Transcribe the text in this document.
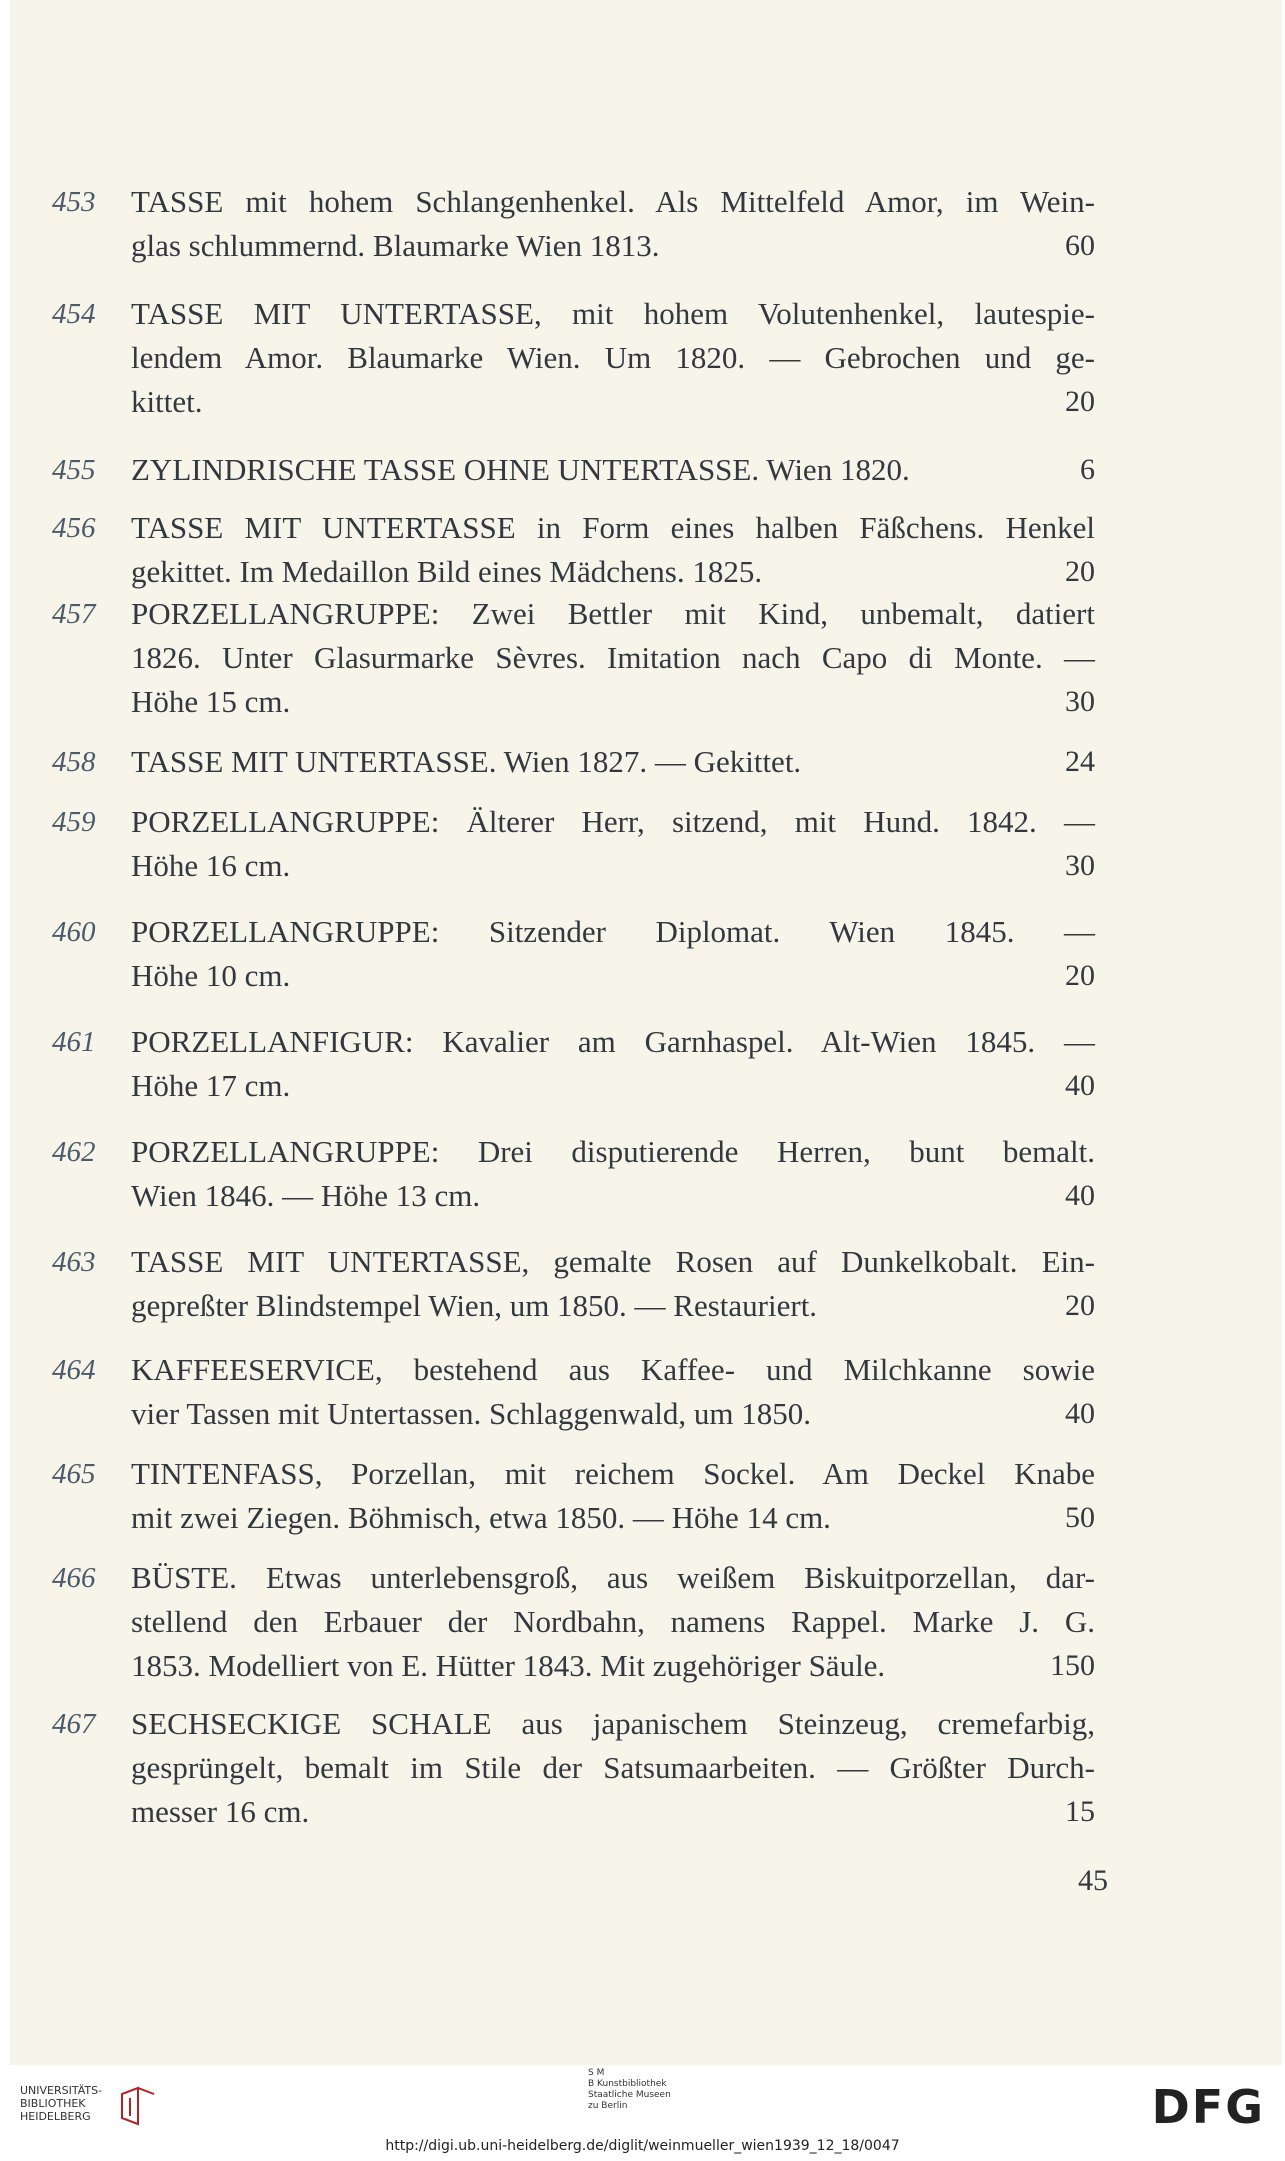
45
UNIVERSITÄTS-
BIBLIOTHEK
HEIDELBERG
S M
B Kunstbibliothek
Staatliche Museen
zu Berlin	DFG
http://digi.ub.uni-heidelberg.de/diglit/weinmueller_wien1939_12_18/0047
453 TASSE mit hohem Schlangenhenkel. Als Mittelfeld Amor, im Wein-
glas schlummernd. Blaumarke Wien 1813.	60
454 TASSE MIT UNTERTASSE, mit hohem Volutenhenkel, lautespie-
lendem Amor. Blaumarke Wien. Um 1820. — Gebrochen und ge-
kittet.	20
455 ZYLINDRISCHE TASSE OHNE UNTERTASSE. Wien 1820.	6
456 TASSE MIT UNTERTASSE in Form eines halben Fäßchens. Henkel
gekittet. Im Medaillon Bild eines Mädchens. 1825.	20
457 PORZELLANGRUPPE: Zwei Bettler mit Kind, unbemalt, datiert
1826. Unter Glasurmarke Sèvres. Imitation nach Capo di Monte. —
Höhe 15 cm.	30
458 TASSE MIT UNTERTASSE. Wien 1827. — Gekittet.	24
459 PORZELLANGRUPPE: Älterer Herr, sitzend, mit Hund. 1842. —
Höhe 16 cm.	30
460 PORZELLANGRUPPE: Sitzender Diplomat. Wien 1845. —
Höhe 10 cm.	20
461 PORZELLANFIGUR: Kavalier am Garnhaspel. Alt-Wien 1845. —
Höhe 17 cm.	40
462 PORZELLANGRUPPE: Drei disputierende Herren, bunt bemalt.
Wien 1846. — Höhe 13 cm.	40
463 TASSE MIT UNTERTASSE, gemalte Rosen auf Dunkelkobalt. Ein-
gepreßter Blindstempel Wien, um 1850. — Restauriert.	20
464 KAFFEESERVICE, bestehend aus Kaffee- und Milchkanne sowie
vier Tassen mit Untertassen. Schlaggenwald, um 1850.	40
465 TINTENFASS, Porzellan, mit reichem Sockel. Am Deckel Knabe
mit zwei Ziegen. Böhmisch, etwa 1850. — Höhe 14 cm.	50
466 BÜSTE. Etwas unterlebensgroß, aus weißem Biskuitporzellan, dar-
stellend den Erbauer der Nordbahn, namens Rappel. Marke J. G.
1853. Modelliert von E. Hütter 1843. Mit zugehöriger Säule.	150
467 SECHSECKIGE SCHALE aus japanischem Steinzeug, cremefarbig,
gesprüngelt, bemalt im Stile der Satsumaarbeiten. — Größter Durch-
messer 16 cm.	15
